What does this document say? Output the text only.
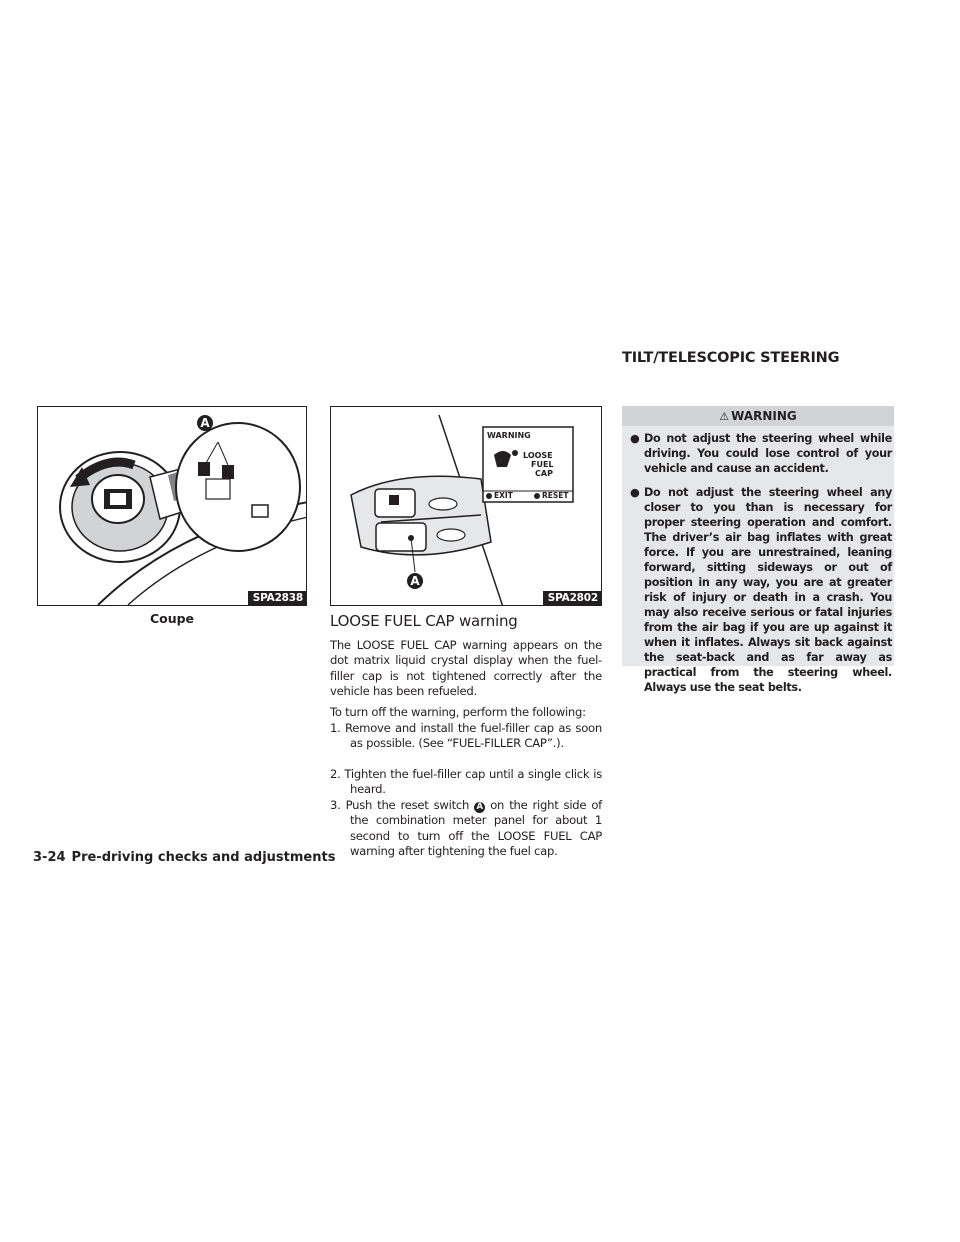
TILT/TELESCOPIC STEERING
A
SPA2838
Coupe
WARNING
LOOSE
FUEL
CAP
EXIT	RESET
A
SPA2802
LOOSE FUEL CAP warning
The LOOSE FUEL CAP warning appears on the dot matrix liquid crystal display when the fuel-filler cap is not tightened correctly after the vehicle has been refueled.
To turn off the warning, perform the following:
1. Remove and install the fuel-filler cap as soon as possible. (See “FUEL-FILLER CAP”.).
2. Tighten the fuel-filler cap until a single click is heard.
3. Push the reset switch A on the right side of the combination meter panel for about 1 second to turn off the LOOSE FUEL CAP warning after tightening the fuel cap.
⚠ WARNING
● Do not adjust the steering wheel while driving. You could lose control of your vehicle and cause an accident.
● Do not adjust the steering wheel any closer to you than is necessary for proper steering operation and comfort. The driver’s air bag inflates with great force. If you are unrestrained, leaning forward, sitting sideways or out of position in any way, you are at greater risk of injury or death in a crash. You may also receive serious or fatal injuries from the air bag if you are up against it when it inflates. Always sit back against the seat-back and as far away as practical from the steering wheel. Always use the seat belts.
3-24 Pre-driving checks and adjustments
